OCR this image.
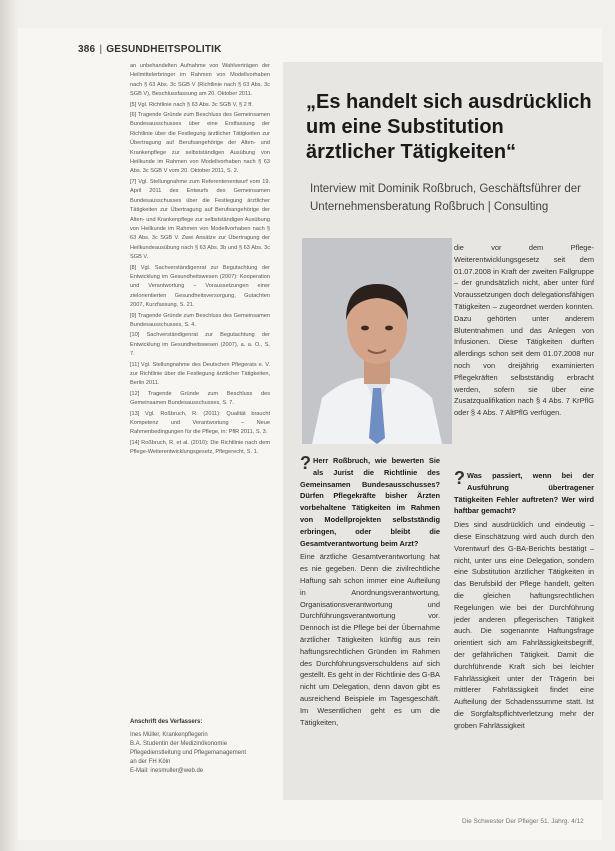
386 | GESUNDHEITSPOLITIK

an unbehandelten Aufnahme von Wahlverträgen der Heilmittelerbringer im Rahmen von Modellvorhaben nach § 63 Abs. 3c SGB V (Richtlinie nach § 63 Abs. 3c SGB V), Beschlussfassung am 20. Oktober 2011.

[5] Vgl. Richtlinie nach § 63 Abs. 3c SGB V, § 2 ff.

[6] Tragende Gründe zum Beschluss des Gemeinsamen Bundesausschusses über eine Erstfassung der Richtlinie über die Festlegung ärztlicher Tätigkeiten zur Übertragung auf Berufsangehörige der Alten- und Krankenpflege zur selbstständigen Ausübung von Heilkunde im Rahmen von Modellvorhaben nach § 63 Abs. 3c SGB V vom 20. Oktober 2011, S. 2.

[7] Vgl. Stellungnahme zum Referentenentwurf vom 19. April 2011 des Entwurfs des Gemeinsamen Bundesausschusses über die Festlegung ärztlicher Tätigkeiten zur Übertragung auf Berufsangehörige der Alten- und Krankenpflege zur selbstständigen Ausübung von Heilkunde im Rahmen von Modellvorhaben nach § 63 Abs. 3c SGB V. Zwei Ansätze zur Übertragung der Heilkundeausübung nach § 63 Abs. 3b und § 63 Abs. 3c SGB V.

[8] Vgl. Sachverständigenrat zur Begutachtung der Entwicklung im Gesundheitswesen (2007): Kooperation und Verantwortung – Voraussetzungen einer zielorientierten Gesundheitsversorgung, Gutachten 2007, Kurzfassung, S. 21.

[9] Tragende Gründe zum Beschluss des Gemeinsamen Bundesausschusses, S. 4.

[10] Sachverständigenrat zur Begutachtung der Entwicklung im Gesundheitswesen (2007), a. a. O., S. 7.

[11] Vgl. Stellungnahme des Deutschen Pflegerats e. V. zur Richtlinie über die Festlegung ärztlicher Tätigkeiten, Berlin 2011.

[12] Tragende Gründe zum Beschluss des Gemeinsamen Bundesausschusses, S. 7.

[13] Vgl. Roßbruch, R. (2011): Qualität braucht Kompetenz und Verantwortung – Neue Rahmenbedingungen für die Pflege, in: PflR 2011, S. 3.

[14] Roßbruch, R. et al. (2010): Die Richtlinie nach dem Pflege-Weiterentwicklungsgesetz, Pflegerecht, S. 1.

Anschrift des Verfassers:
Ines Müller, Krankenpflegerin
B.A. Studentin der Medizinökonomie
Pflegedienstleitung und Pflegemanagement
an der FH Köln
E-Mail: inesmuller@web.de
„Es handelt sich ausdrücklich um eine Substitution ärztlicher Tätigkeiten“
Interview mit Dominik Roßbruch, Geschäftsführer der Unternehmensberatung Roßbruch | Consulting

? Herr Roßbruch, wie bewerten Sie als Jurist die Richtlinie des Gemeinsamen Bundesausschusses? Dürfen Pflegekräfte bisher Ärzten vorbehaltene Tätigkeiten im Rahmen von Modellprojekten selbstständig erbringen, oder bleibt die Gesamtverantwortung beim Arzt?

Eine ärztliche Gesamtverantwortung hat es nie gegeben. Denn die zivilrechtliche Haftung sah schon immer eine Aufteilung in Anordnungsverantwortung, Organisationsverantwortung und Durchführungsverantwortung vor. Dennoch ist die Pflege bei der Übernahme ärztlicher Tätigkeiten künftig aus rein haftungsrechtlichen Gründen im Rahmen des Durchführungsverschuldens auf sich gestellt. Es geht in der Richtlinie des G-BA nicht um Delegation, denn davon gibt es ausreichend Beispiele im Tagesgeschäft. Im Wesentlichen geht es um die Tätigkeiten,

die vor dem Pflege-Weiterentwicklungsgesetz seit dem 01.07.2008 in Kraft der zweiten Fallgruppe – der grundsätzlich nicht, aber unter fünf Voraussetzungen doch delegationsfähigen Tätigkeiten – zugeordnet werden konnten. Dazu gehörten unter anderem Blutentnahmen und das Anlegen von Infusionen. Diese Tätigkeiten durften allerdings schon seit dem 01.07.2008 nur noch von dreijährig examinierten Pflegekräften selbstständig erbracht werden, sofern sie über eine Zusatzqualifikation nach § 4 Abs. 7 KrPflG oder § 4 Abs. 7 AltPflG verfügen.

? Was passiert, wenn bei der Ausführung übertragener Tätigkeiten Fehler auftreten? Wer wird haftbar gemacht?

Dies sind ausdrücklich und eindeutig – diese Einschätzung wird auch durch den Vorentwurf des G-BA-Berichts bestätigt – nicht, unter uns eine Delegation, sondern eine Substitution ärztlicher Tätigkeiten in das Berufsbild der Pflege handelt, gelten die gleichen haftungsrechtlichen Regelungen wie bei der Durchführung jeder anderen pflegerischen Tätigkeit auch. Die sogenannte Haftungsfrage orientiert sich am Fahrlässigkeitsbegriff, der gefährlichen Tätigkeit. Damit die durchführende Kraft sich bei leichter Fahrlässigkeit unter der Trägerin bei mittlerer Fahrlässigkeit findet eine Aufteilung der Schadenssumme statt. Ist die Sorgfaltspflichtverletzung mehr der groben Fahrlässigkeit

Die Schwester Der Pfleger 51. Jahrg. 4/12
